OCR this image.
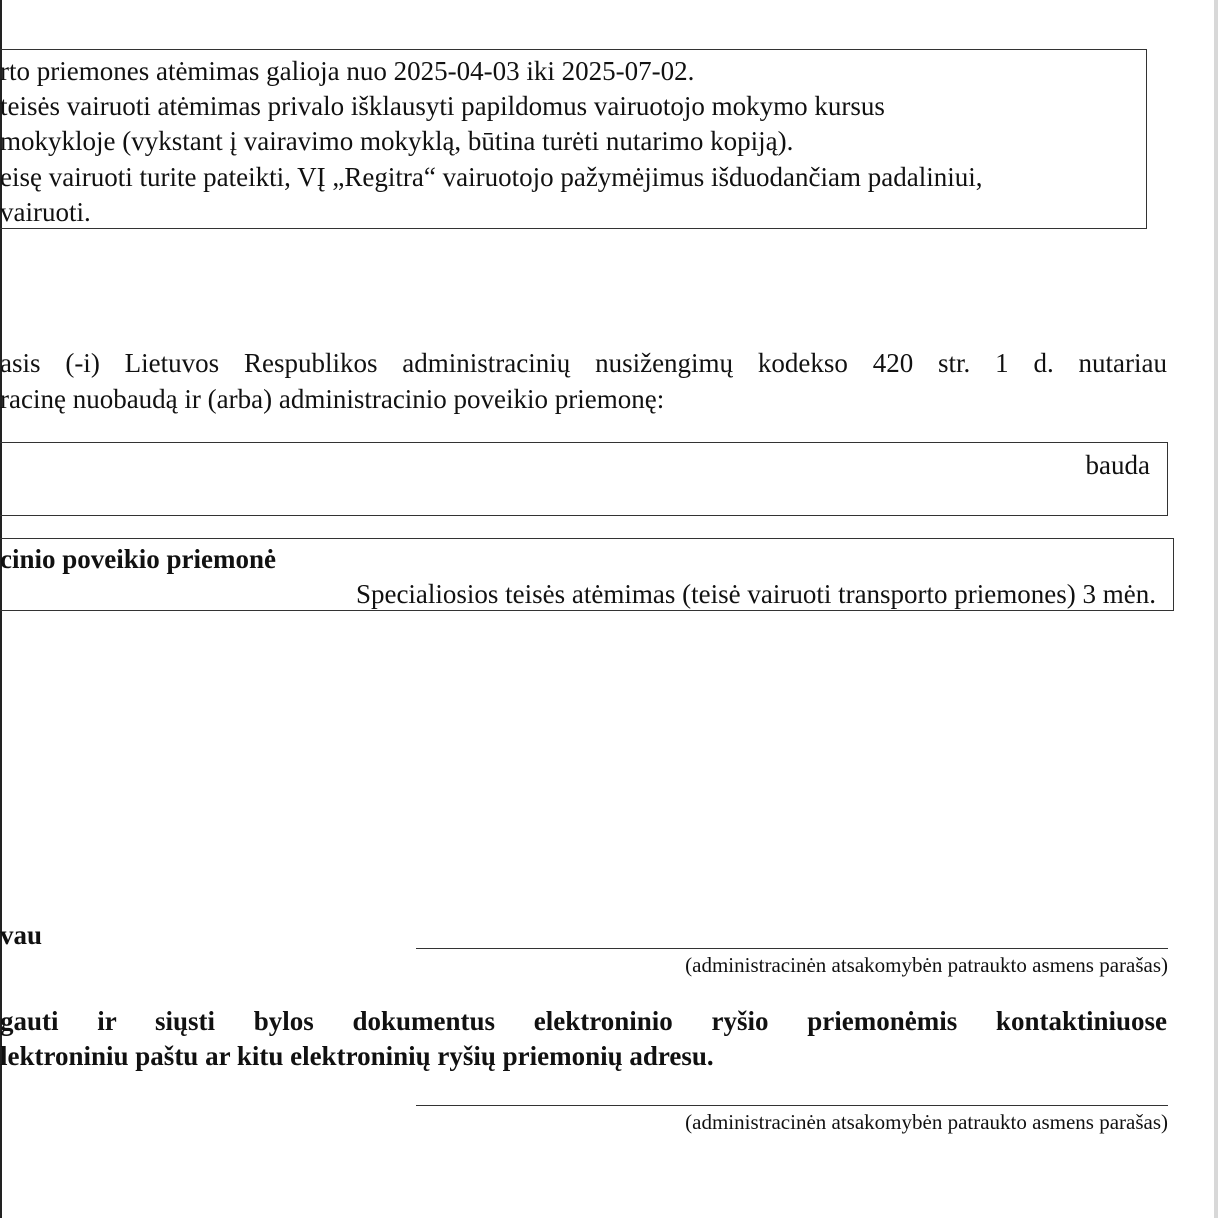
rto priemones atėmimas galioja nuo 2025-04-03 iki 2025-07-02.
teisės vairuoti atėmimas privalo išklausyti papildomus vairuotojo mokymo kursus
mokykloje (vykstant į vairavimo mokyklą, būtina turėti nutarimo kopiją).
eisę vairuoti turite pateikti, VĮ „Regitra“ vairuotojo pažymėjimus išduodančiam padaliniui,
vairuoti.
asis (-i) Lietuvos Respublikos administracinių nusižengimų kodekso 420 str. 1 d. nutariau
racinę nuobaudą ir (arba) administracinio poveikio priemonę:
bauda
cinio poveikio priemonė
Specialiosios teisės atėmimas (teisė vairuoti transporto priemones) 3 mėn.
vau
(administracinėn atsakomybėn patraukto asmens parašas)
gauti ir siųsti bylos dokumentus elektroninio ryšio priemonėmis kontaktiniuose
lektroniniu paštu ar kitu elektroninių ryšių priemonių adresu.
(administracinėn atsakomybėn patraukto asmens parašas)
